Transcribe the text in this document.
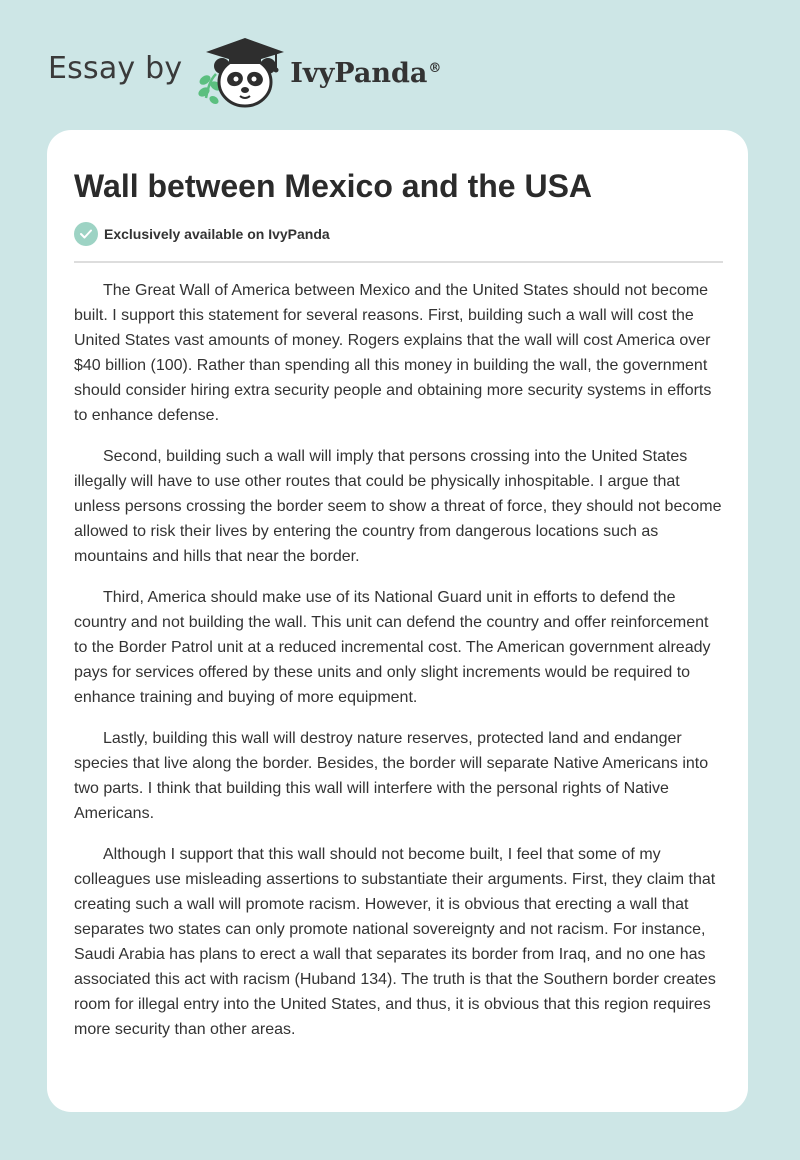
Essay by	IvyPanda®
Wall between Mexico and the USA
Exclusively available on IvyPanda

The Great Wall of America between Mexico and the United States should not become built. I support this statement for several reasons. First, building such a wall will cost the United States vast amounts of money. Rogers explains that the wall will cost America over $40 billion (100). Rather than spending all this money in building the wall, the government should consider hiring extra security people and obtaining more security systems in efforts to enhance defense.

Second, building such a wall will imply that persons crossing into the United States illegally will have to use other routes that could be physically inhospitable. I argue that unless persons crossing the border seem to show a threat of force, they should not become allowed to risk their lives by entering the country from dangerous locations such as mountains and hills that near the border.

Third, America should make use of its National Guard unit in efforts to defend the country and not building the wall. This unit can defend the country and offer reinforcement to the Border Patrol unit at a reduced incremental cost. The American government already pays for services offered by these units and only slight increments would be required to enhance training and buying of more equipment.

Lastly, building this wall will destroy nature reserves, protected land and endanger species that live along the border. Besides, the border will separate Native Americans into two parts. I think that building this wall will interfere with the personal rights of Native Americans.

Although I support that this wall should not become built, I feel that some of my colleagues use misleading assertions to substantiate their arguments. First, they claim that creating such a wall will promote racism. However, it is obvious that erecting a wall that separates two states can only promote national sovereignty and not racism. For instance, Saudi Arabia has plans to erect a wall that separates its border from Iraq, and no one has associated this act with racism (Huband 134). The truth is that the Southern border creates room for illegal entry into the United States, and thus, it is obvious that this region requires more security than other areas.
